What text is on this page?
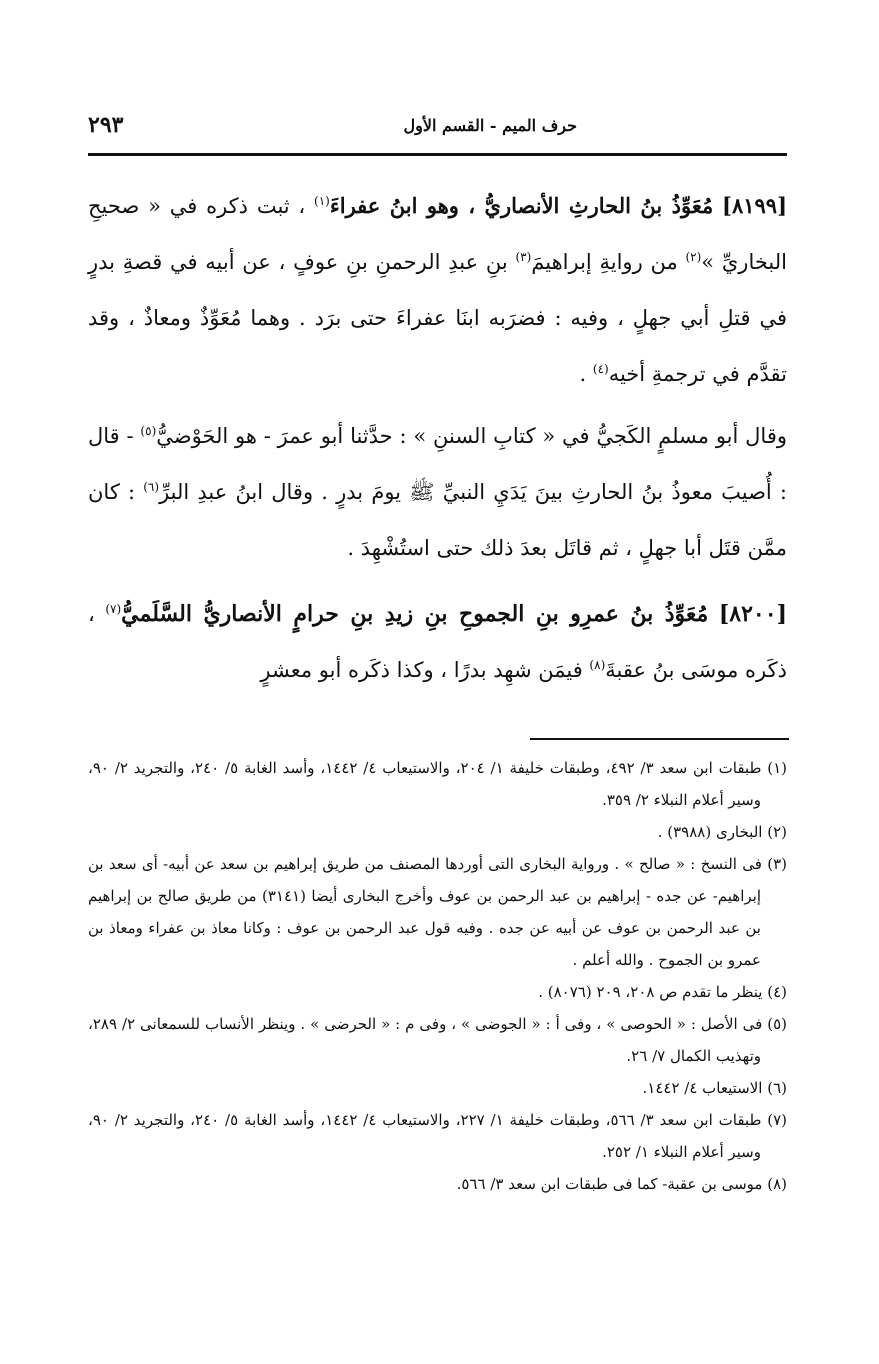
٢٩٣	حرف الميم - القسم الأول

[٨١٩٩] مُعَوِّذُ بنُ الحارثِ الأنصاريُّ ، وهو ابنُ عفراءَ$^{(١)}$ ، ثبت ذكره في « صحيحِ البخاريِّ »$^{(٢)}$ من روايةِ إبراهيمَ$^{(٣)}$ بنِ عبدِ الرحمنِ بنِ عوفٍ ، عن أبيه في قصةِ بدرٍ في قتلِ أبي جهلٍ ، وفيه : فضرَبه ابنَا عفراءَ حتى برَد . وهما مُعَوِّذٌ ومعاذٌ ، وقد تقدَّم في ترجمةِ أخيه$^{(٤)}$ .

وقال أبو مسلمٍ الكَجيُّ في « كتابِ السننِ » : حدَّثنا أبو عمرَ - هو الحَوْضيُّ$^{(٥)}$ - قال : أُصيبَ معوذُ بنُ الحارثِ بينَ يَدَيِ النبيِّ ﷺ يومَ بدرٍ . وقال ابنُ عبدِ البرِّ$^{(٦)}$ : كان ممَّن قتَل أبا جهلٍ ، ثم قاتَل بعدَ ذلك حتى استُشْهِدَ .

[٨٢٠٠] مُعَوِّذُ بنُ عمرِو بنِ الجموحِ بنِ زيدِ بنِ حرامٍ الأنصاريُّ السَّلَميُّ$^{(٧)}$ ، ذكَره موسَى بنُ عقبةَ$^{(٨)}$ فيمَن شهِد بدرًا ، وكذا ذكَره أبو معشرٍ

(١) طبقات ابن سعد ٣/ ٤٩٢، وطبقات خليفة ١/ ٢٠٤، والاستيعاب ٤/ ١٤٤٢، وأسد الغابة ٥/ ٢٤٠، والتجريد ٢/ ٩٠، وسير أعلام النبلاء ٢/ ٣٥٩.

(٢) البخارى (٣٩٨٨) .

(٣) فى النسخ : « صالح » . ورواية البخارى التى أوردها المصنف من طريق إبراهيم بن سعد عن أبيه- أى سعد بن إبراهيم- عن جده - إبراهيم بن عبد الرحمن بن عوف وأخرج البخارى أيضا (٣١٤١) من طريق صالح بن إبراهيم بن عبد الرحمن بن عوف عن أبيه عن جده . وفيه قول عبد الرحمن بن عوف : وكانا معاذ بن عفراء ومعاذ بن عمرو بن الجموح . والله أعلم .

(٤) ينظر ما تقدم ص ٢٠٨، ٢٠٩ (٨٠٧٦) .

(٥) فى الأصل : « الحوصى » ، وفى أ : « الجوضى » ، وفى م : « الحرضى » . وينظر الأنساب للسمعانى ٢/ ٢٨٩، وتهذيب الكمال ٧/ ٢٦.

(٦) الاستيعاب ٤/ ١٤٤٢.

(٧) طبقات ابن سعد ٣/ ٥٦٦، وطبقات خليفة ١/ ٢٢٧، والاستيعاب ٤/ ١٤٤٢، وأسد الغابة ٥/ ٢٤٠، والتجريد ٢/ ٩٠، وسير أعلام النبلاء ١/ ٢٥٢.

(٨) موسى بن عقبة- كما فى طبقات ابن سعد ٣/ ٥٦٦.
